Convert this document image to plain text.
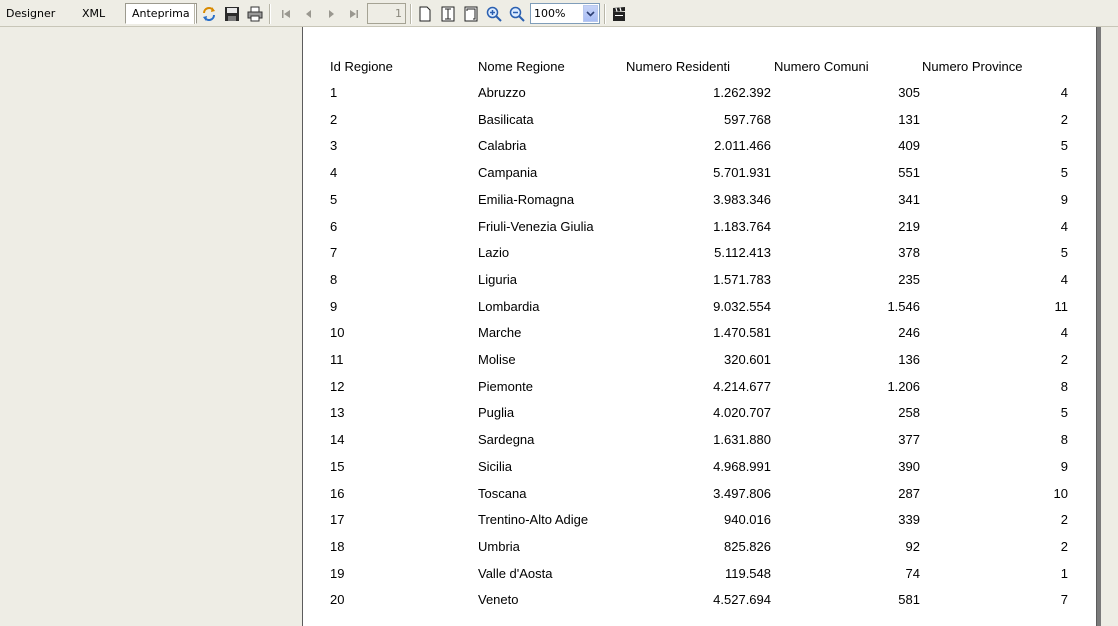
Designer	XML	Anteprima	1	100%
Id Regione	Nome Regione	Numero Residenti	Numero Comuni	Numero Province
1	Abruzzo	1.262.392	305	4
2	Basilicata	597.768	131	2
3	Calabria	2.011.466	409	5
4	Campania	5.701.931	551	5
5	Emilia-Romagna	3.983.346	341	9
6	Friuli-Venezia Giulia	1.183.764	219	4
7	Lazio	5.112.413	378	5
8	Liguria	1.571.783	235	4
9	Lombardia	9.032.554	1.546	11
10	Marche	1.470.581	246	4
11	Molise	320.601	136	2
12	Piemonte	4.214.677	1.206	8
13	Puglia	4.020.707	258	5
14	Sardegna	1.631.880	377	8
15	Sicilia	4.968.991	390	9
16	Toscana	3.497.806	287	10
17	Trentino-Alto Adige	940.016	339	2
18	Umbria	825.826	92	2
19	Valle d'Aosta	119.548	74	1
20	Veneto	4.527.694	581	7
